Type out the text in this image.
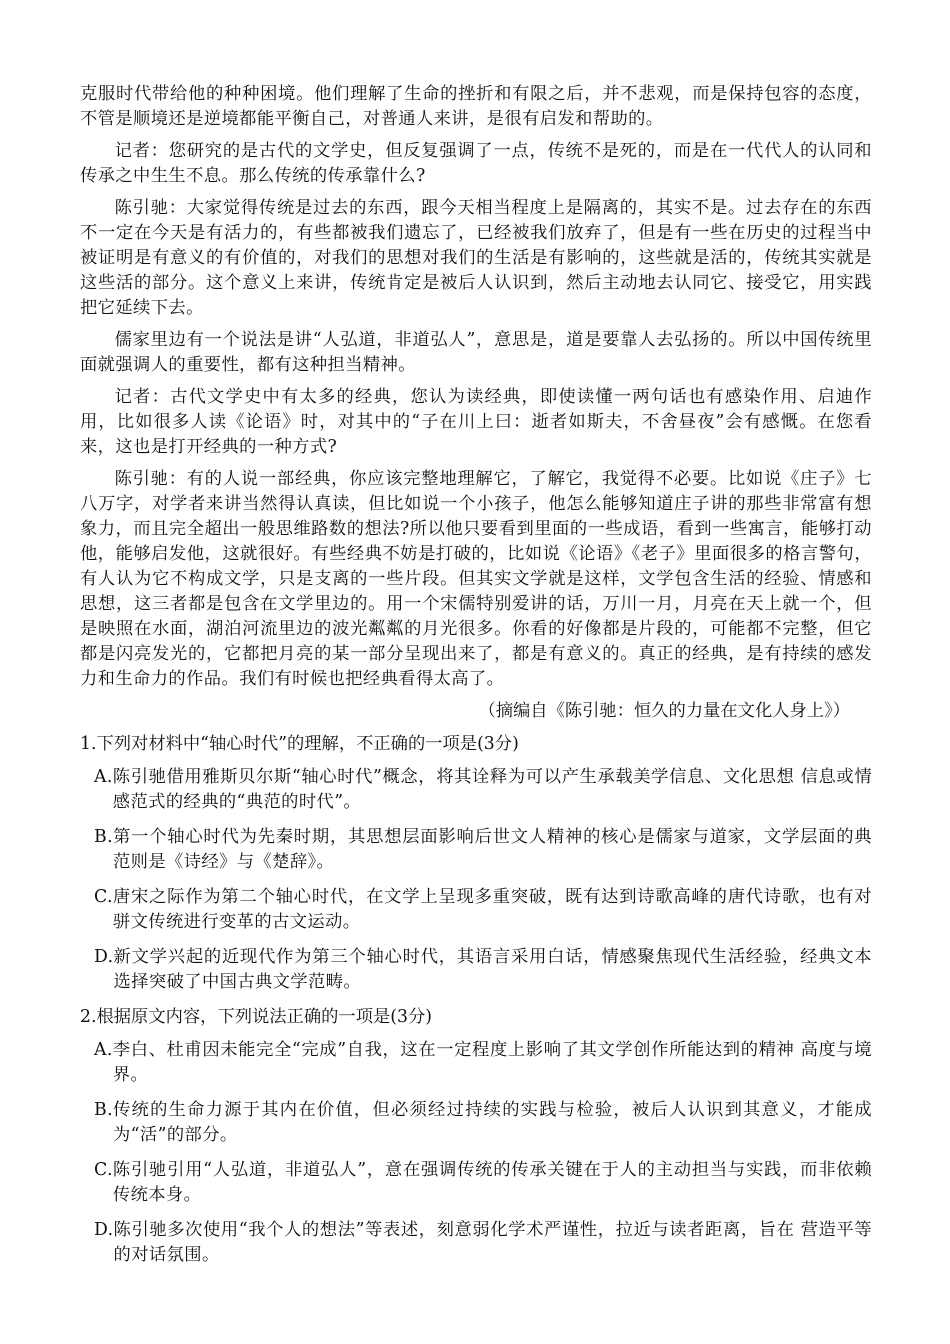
克服时代带给他的种种困境。他们理解了生命的挫折和有限之后，并不悲观，而是保持包容的态度，不管是顺境还是逆境都能平衡自己，对普通人来讲，是很有启发和帮助的。

记者：您研究的是古代的文学史，但反复强调了一点，传统不是死的，而是在一代代人的认同和传承之中生生不息。那么传统的传承靠什么?

陈引驰：大家觉得传统是过去的东西，跟今天相当程度上是隔离的，其实不是。过去存在的东西不一定在今天是有活力的，有些都被我们遗忘了，已经被我们放弃了，但是有一些在历史的过程当中被证明是有意义的有价值的，对我们的思想对我们的生活是有影响的，这些就是活的，传统其实就是这些活的部分。这个意义上来讲，传统肯定是被后人认识到，然后主动地去认同它、接受它，用实践把它延续下去。

儒家里边有一个说法是讲“人弘道，非道弘人”，意思是，道是要靠人去弘扬的。所以中国传统里面就强调人的重要性，都有这种担当精神。

记者：古代文学史中有太多的经典，您认为读经典，即使读懂一两句话也有感染作用、启迪作用，比如很多人读《论语》时，对其中的“子在川上曰：逝者如斯夫，不舍昼夜”会有感慨。在您看来，这也是打开经典的一种方式?

陈引驰：有的人说一部经典，你应该完整地理解它，了解它，我觉得不必要。比如说《庄子》七八万字，对学者来讲当然得认真读，但比如说一个小孩子，他怎么能够知道庄子讲的那些非常富有想象力，而且完全超出一般思维路数的想法?所以他只要看到里面的一些成语，看到一些寓言，能够打动他，能够启发他，这就很好。有些经典不妨是打破的，比如说《论语》《老子》里面很多的格言警句，有人认为它不构成文学，只是支离的一些片段。但其实文学就是这样，文学包含生活的经验、情感和思想，这三者都是包含在文学里边的。用一个宋儒特别爱讲的话，万川一月，月亮在天上就一个，但是映照在水面，湖泊河流里边的波光粼粼的月光很多。你看的好像都是片段的，可能都不完整，但它都是闪亮发光的，它都把月亮的某一部分呈现出来了，都是有意义的。真正的经典，是有持续的感发力和生命力的作品。我们有时候也把经典看得太高了。

（摘编自《陈引驰：恒久的力量在文化人身上》）
1.下列对材料中“轴心时代”的理解，不正确的一项是(3分)
A. 陈引驰借用雅斯贝尔斯“轴心时代”概念，将其诠释为可以产生承载美学信息、文化思想 信息或情感范式的经典的“典范的时代”。
B. 第一个轴心时代为先秦时期，其思想层面影响后世文人精神的核心是儒家与道家，文学层面的典范则是《诗经》与《楚辞》。
C. 唐宋之际作为第二个轴心时代，在文学上呈现多重突破，既有达到诗歌高峰的唐代诗歌，也有对骈文传统进行变革的古文运动。
D. 新文学兴起的近现代作为第三个轴心时代，其语言采用白话，情感聚焦现代生活经验，经典文本选择突破了中国古典文学范畴。
2.根据原文内容，下列说法正确的一项是(3分)
A. 李白、杜甫因未能完全“完成”自我，这在一定程度上影响了其文学创作所能达到的精神 高度与境界。
B. 传统的生命力源于其内在价值，但必须经过持续的实践与检验，被后人认识到其意义，才能成为“活”的部分。
C. 陈引驰引用“人弘道，非道弘人”，意在强调传统的传承关键在于人的主动担当与实践，而非依赖传统本身。
D. 陈引驰多次使用“我个人的想法”等表述，刻意弱化学术严谨性，拉近与读者距离，旨在 营造平等的对话氛围。
